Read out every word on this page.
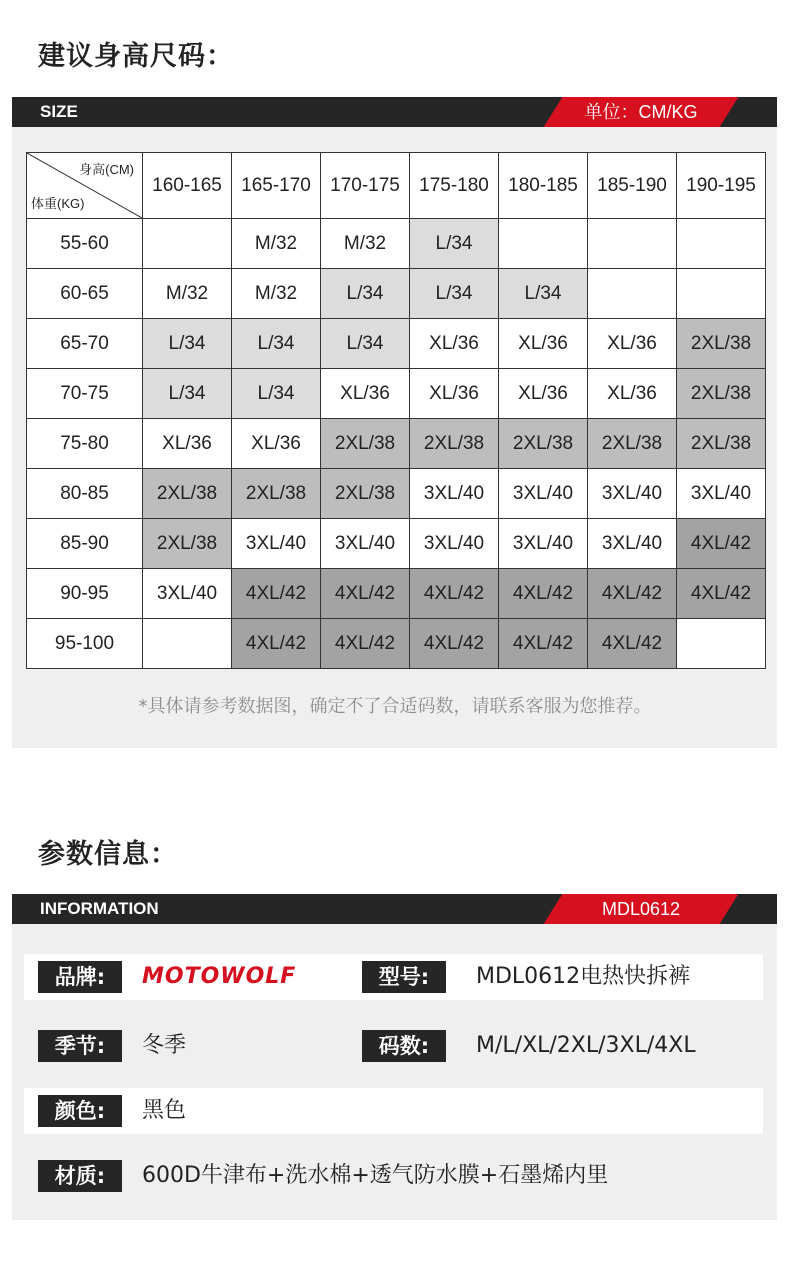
建议身高尺码：
SIZE	单位：CM/KG
身高(CM)
体重(KG)	160-165	165-170	170-175	175-180	180-185	185-190	190-195
55-60		M/32	M/32	L/34			
60-65	M/32	M/32	L/34	L/34	L/34		
65-70	L/34	L/34	L/34	XL/36	XL/36	XL/36	2XL/38
70-75	L/34	L/34	XL/36	XL/36	XL/36	XL/36	2XL/38
75-80	XL/36	XL/36	2XL/38	2XL/38	2XL/38	2XL/38	2XL/38
80-85	2XL/38	2XL/38	2XL/38	3XL/40	3XL/40	3XL/40	3XL/40
85-90	2XL/38	3XL/40	3XL/40	3XL/40	3XL/40	3XL/40	4XL/42
90-95	3XL/40	4XL/42	4XL/42	4XL/42	4XL/42	4XL/42	4XL/42
95-100		4XL/42	4XL/42	4XL/42	4XL/42	4XL/42	
*具体请参考数据图，确定不了合适码数，请联系客服为您推荐。
参数信息：
INFORMATION	MDL0612
品牌:	MOTOWOLF	型号:	MDL0612电热快拆裤
季节:	冬季	码数:	M/L/XL/2XL/3XL/4XL
颜色:	黑色
材质:	600D牛津布+洗水棉+透气防水膜+石墨烯内里
